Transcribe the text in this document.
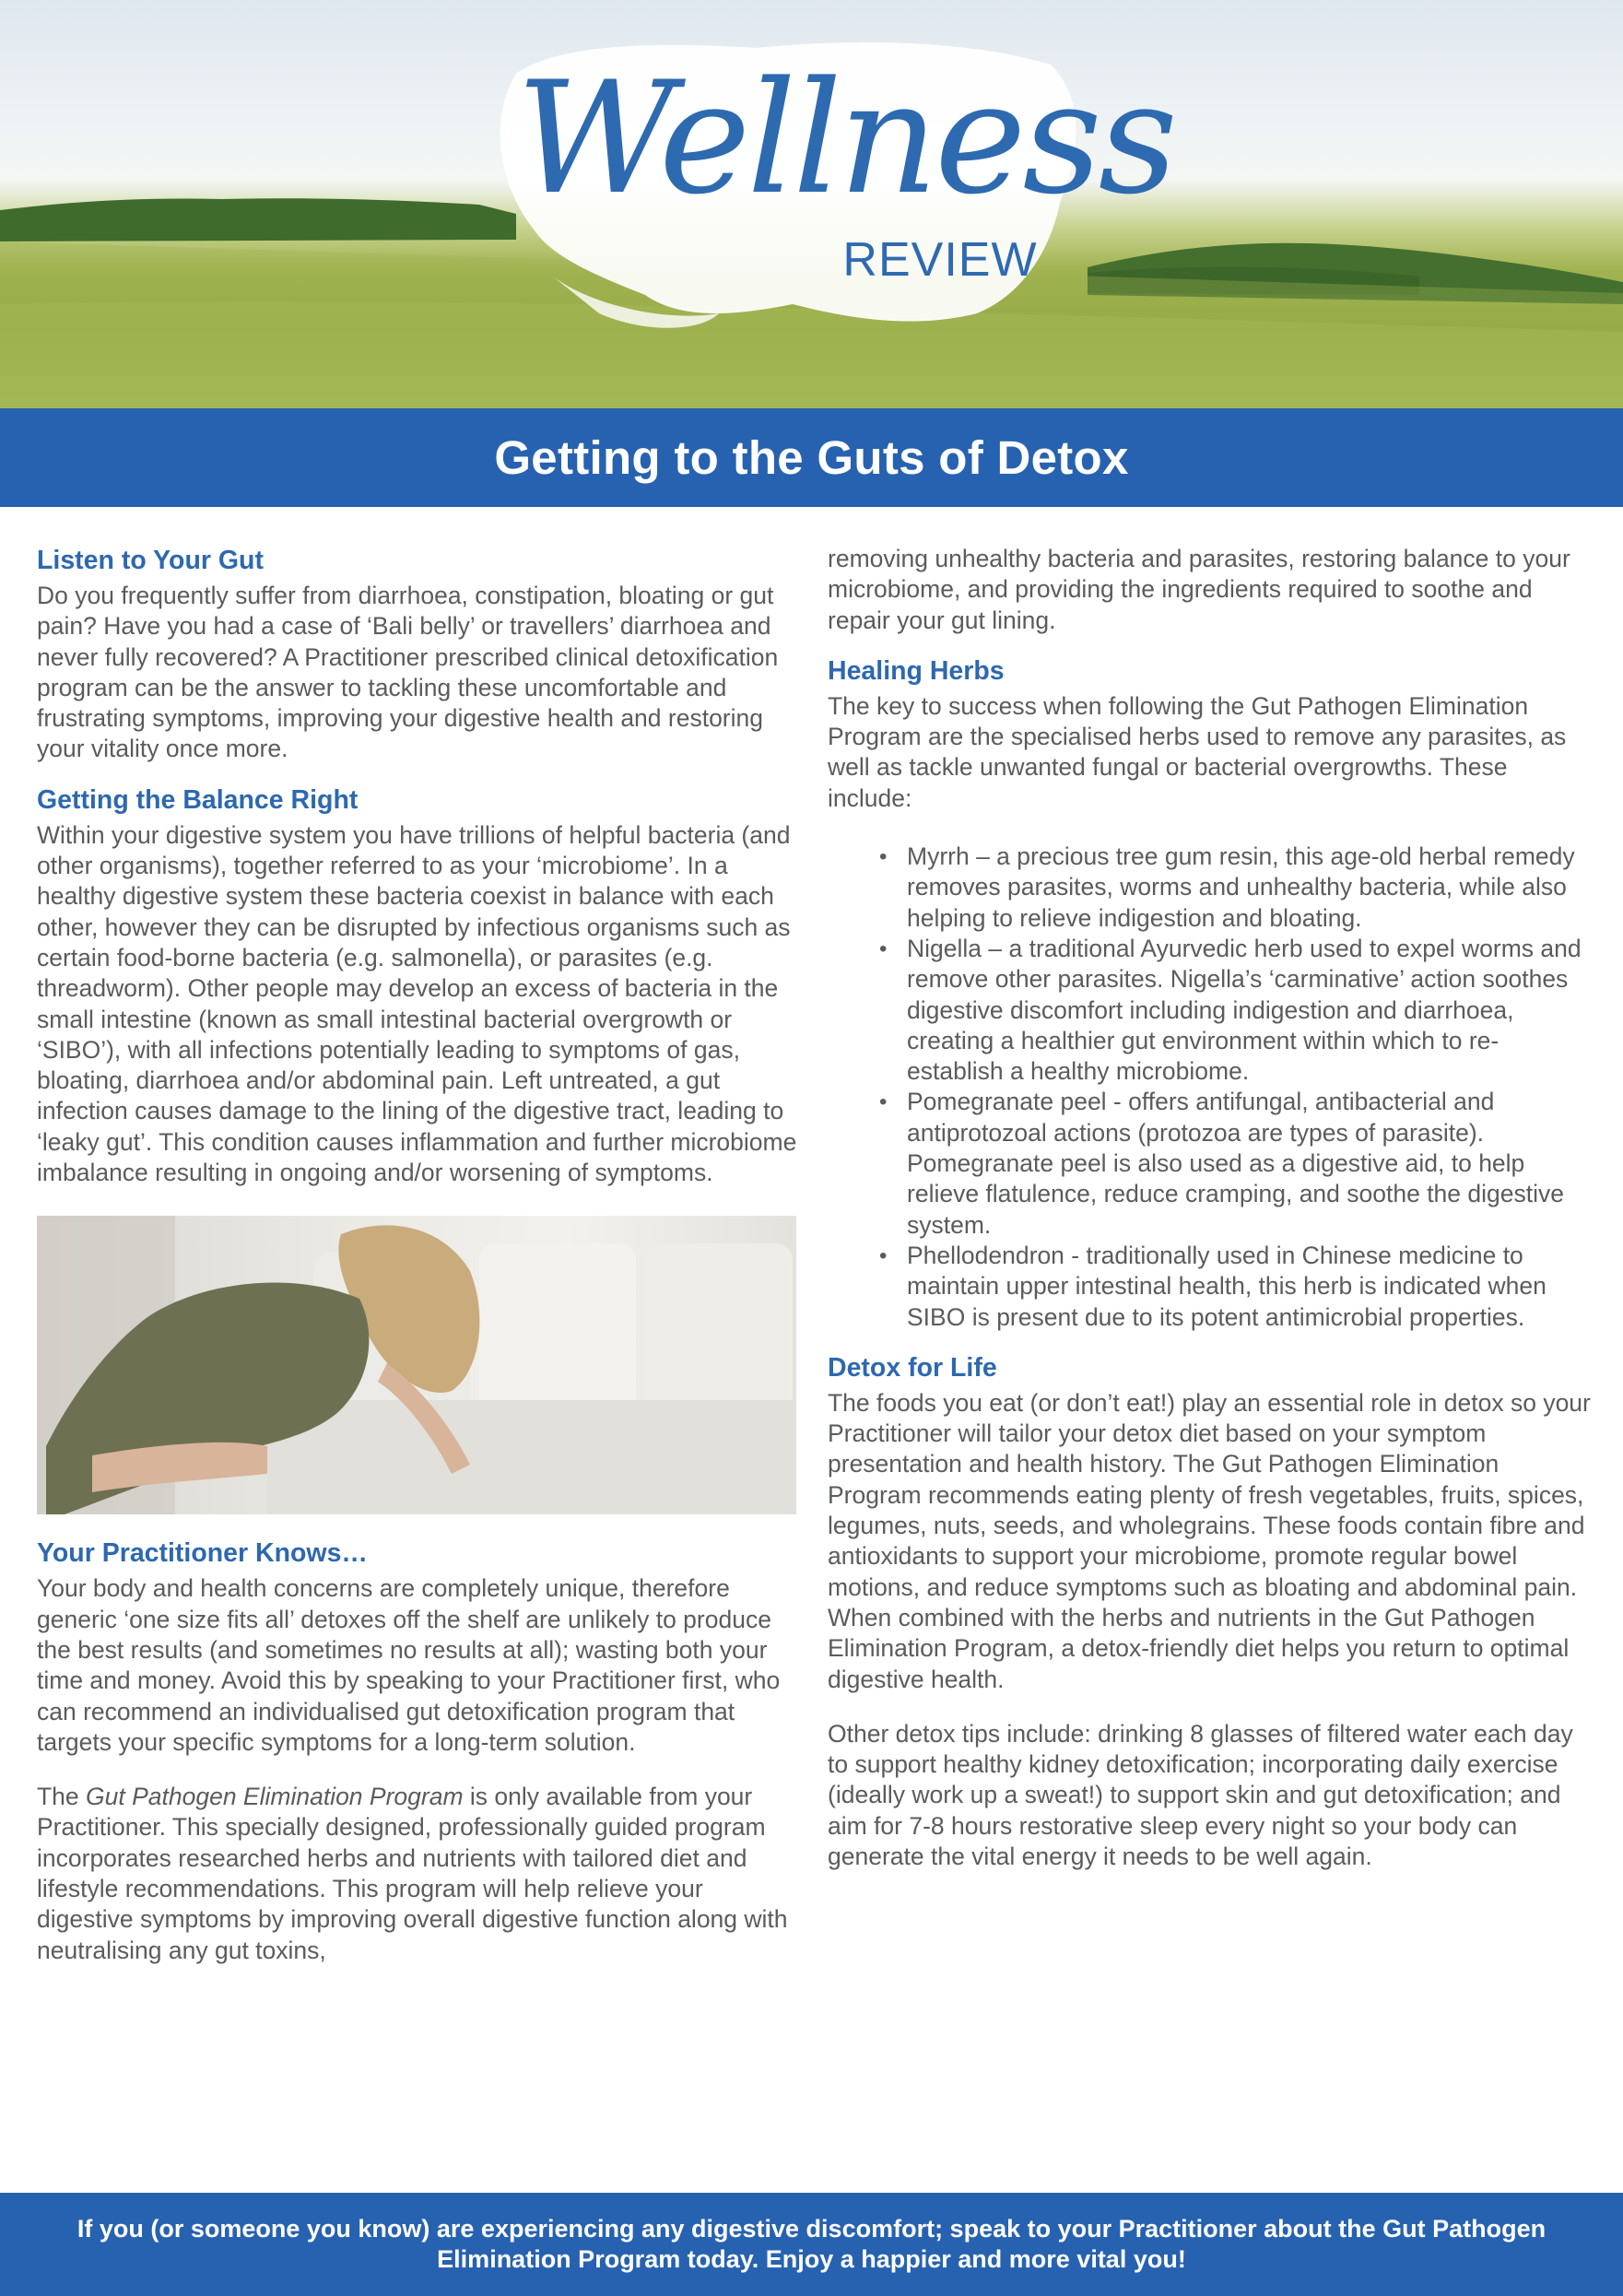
Wellness
REVIEW
Getting to the Guts of Detox
Listen to Your Gut

Do you frequently suffer from diarrhoea, constipation, bloating or gut pain? Have you had a case of ‘Bali belly’ or travellers’ diarrhoea and never fully recovered? A Practitioner prescribed clinical detoxification program can be the answer to tackling these uncomfortable and frustrating symptoms, improving your digestive health and restoring your vitality once more.

Getting the Balance Right

Within your digestive system you have trillions of helpful bacteria (and other organisms), together referred to as your ‘microbiome’. In a healthy digestive system these bacteria coexist in balance with each other, however they can be disrupted by infectious organisms such as certain food-borne bacteria (e.g. salmonella), or parasites (e.g. threadworm). Other people may develop an excess of bacteria in the small intestine (known as small intestinal bacterial overgrowth or ‘SIBO’), with all infections potentially leading to symptoms of gas, bloating, diarrhoea and/or abdominal pain. Left untreated, a gut infection causes damage to the lining of the digestive tract, leading to ‘leaky gut’. This condition causes inflammation and further microbiome imbalance resulting in ongoing and/or worsening of symptoms.

Your Practitioner Knows…

Your body and health concerns are completely unique, therefore generic ‘one size fits all’ detoxes off the shelf are unlikely to produce the best results (and sometimes no results at all); wasting both your time and money. Avoid this by speaking to your Practitioner first, who can recommend an individualised gut detoxification program that targets your specific symptoms for a long-term solution.

The Gut Pathogen Elimination Program is only available from your Practitioner. This specially designed, professionally guided program incorporates researched herbs and nutrients with tailored diet and lifestyle recommendations. This program will help relieve your digestive symptoms by improving overall digestive function along with neutralising any gut toxins,

removing unhealthy bacteria and parasites, restoring balance to your microbiome, and providing the ingredients required to soothe and repair your gut lining.

Healing Herbs

The key to success when following the Gut Pathogen Elimination Program are the specialised herbs used to remove any parasites, as well as tackle unwanted fungal or bacterial overgrowths. These include:

• Myrrh – a precious tree gum resin, this age-old herbal remedy removes parasites, worms and unhealthy bacteria, while also helping to relieve indigestion and bloating.
• Nigella – a traditional Ayurvedic herb used to expel worms and remove other parasites. Nigella’s ‘carminative’ action soothes digestive discomfort including indigestion and diarrhoea, creating a healthier gut environment within which to re-establish a healthy microbiome.
• Pomegranate peel - offers antifungal, antibacterial and antiprotozoal actions (protozoa are types of parasite). Pomegranate peel is also used as a digestive aid, to help relieve flatulence, reduce cramping, and soothe the digestive system.
• Phellodendron - traditionally used in Chinese medicine to maintain upper intestinal health, this herb is indicated when SIBO is present due to its potent antimicrobial properties.
Detox for Life

The foods you eat (or don’t eat!) play an essential role in detox so your Practitioner will tailor your detox diet based on your symptom presentation and health history. The Gut Pathogen Elimination Program recommends eating plenty of fresh vegetables, fruits, spices, legumes, nuts, seeds, and wholegrains. These foods contain fibre and antioxidants to support your microbiome, promote regular bowel motions, and reduce symptoms such as bloating and abdominal pain. When combined with the herbs and nutrients in the Gut Pathogen Elimination Program, a detox-friendly diet helps you return to optimal digestive health.

Other detox tips include: drinking 8 glasses of filtered water each day to support healthy kidney detoxification; incorporating daily exercise (ideally work up a sweat!) to support skin and gut detoxification; and aim for 7-8 hours restorative sleep every night so your body can generate the vital energy it needs to be well again.

If you (or someone you know) are experiencing any digestive discomfort; speak to your Practitioner about the Gut Pathogen Elimination Program today. Enjoy a happier and more vital you!
